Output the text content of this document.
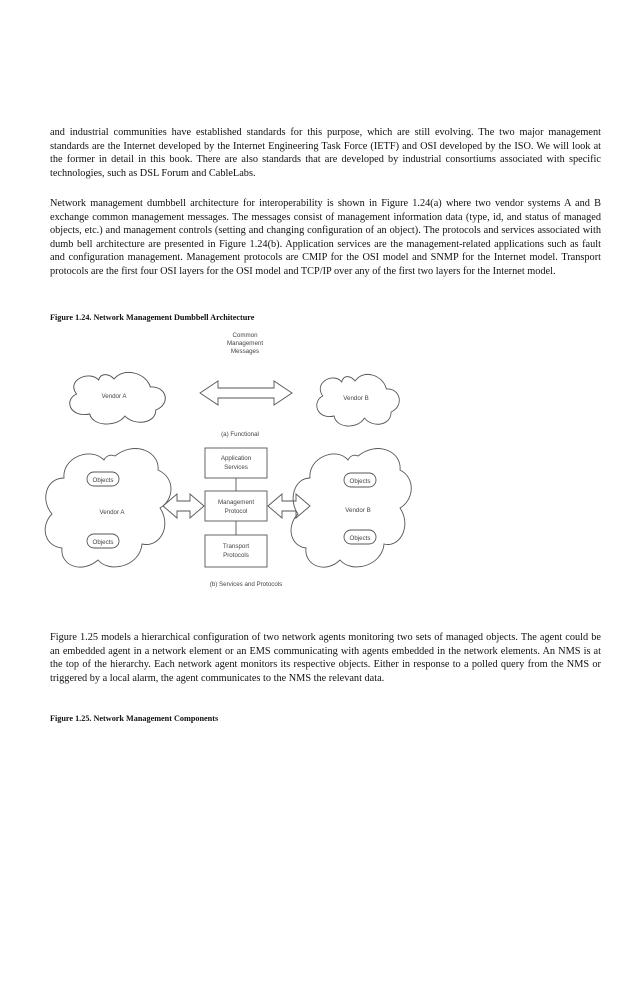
and industrial communities have established standards for this purpose, which are still evolving. The two major management standards are the Internet developed by the Internet Engineering Task Force (IETF) and OSI developed by the ISO. We will look at the former in detail in this book. There are also standards that are developed by industrial consortiums associated with specific technologies, such as DSL Forum and CableLabs.

Network management dumbbell architecture for interoperability is shown in Figure 1.24(a) where two vendor systems A and B exchange common management messages. The messages consist of management information data (type, id, and status of managed objects, etc.) and management controls (setting and changing configuration of an object). The protocols and services associated with dumb bell architecture are presented in Figure 1.24(b). Application services are the management-related applications such as fault and configuration management. Management protocols are CMIP for the OSI model and SNMP for the Internet model. Transport protocols are the first four OSI layers for the OSI model and TCP/IP over any of the first two layers for the Internet model.

Figure 1.24. Network Management Dumbbell Architecture
Common
Management
Messages
Vendor A	Vendor B
(a) Functional
Application
Services
Management
Protocol
Transport
Protocols
Vendor A
Objects
Objects
Vendor B
Objects
Objects
(b) Services and Protocols

Figure 1.25 models a hierarchical configuration of two network agents monitoring two sets of managed objects. The agent could be an embedded agent in a network element or an EMS communicating with agents embedded in the network elements. An NMS is at the top of the hierarchy. Each network agent monitors its respective objects. Either in response to a polled query from the NMS or triggered by a local alarm, the agent communicates to the NMS the relevant data.

Figure 1.25. Network Management Components
